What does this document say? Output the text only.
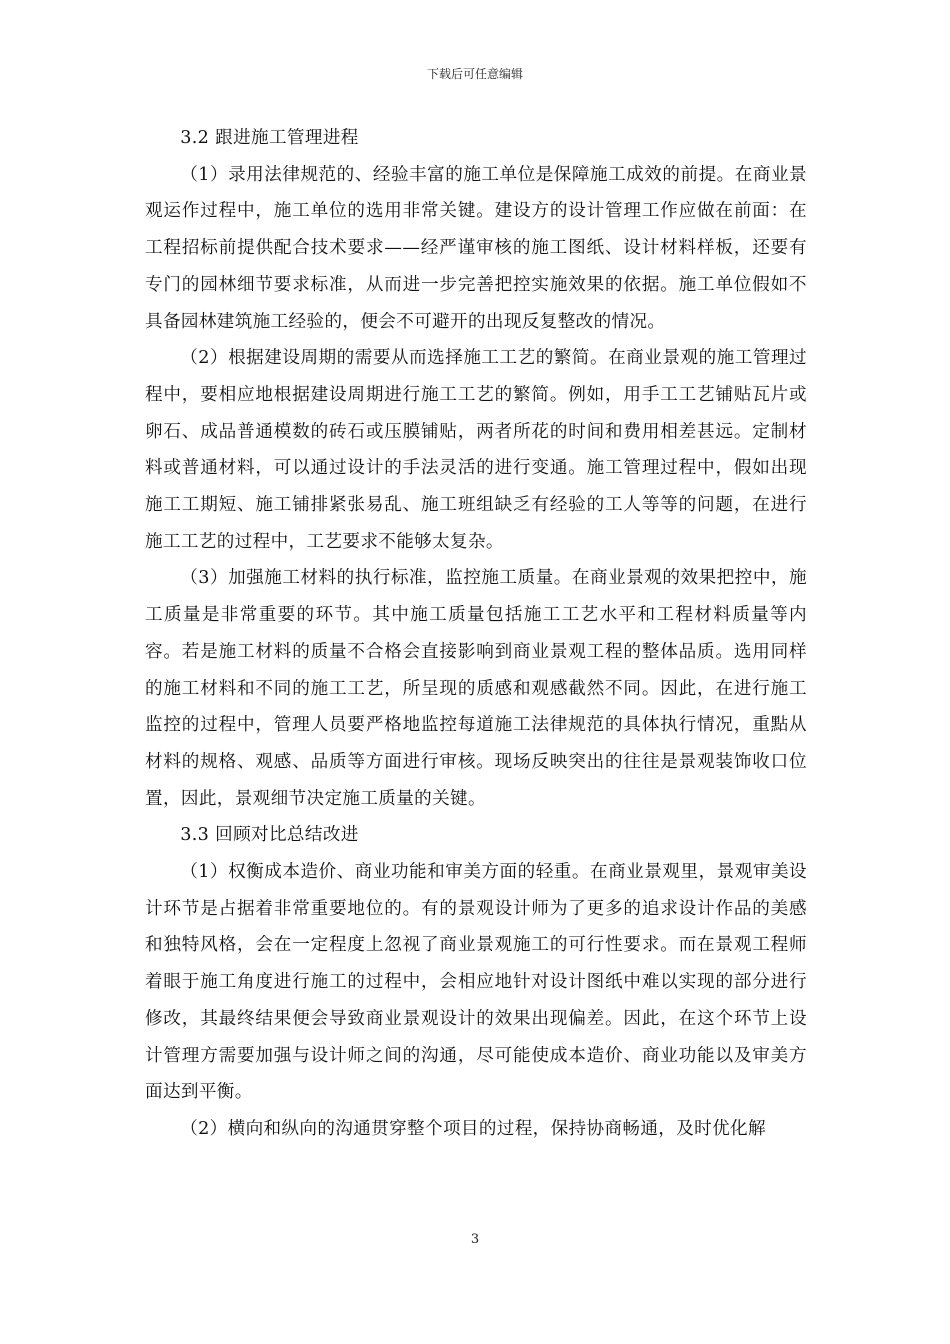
下载后可任意编辑

3.2 跟进施工管理进程

（1）录用法律规范的、经验丰富的施工单位是保障施工成效的前提。在商业景观运作过程中，施工单位的选用非常关键。建设方的设计管理工作应做在前面：在工程招标前提供配合技术要求——经严谨审核的施工图纸、设计材料样板，还要有专门的园林细节要求标准，从而进一步完善把控实施效果的依据。施工单位假如不具备园林建筑施工经验的，便会不可避开的出现反复整改的情况。

（2）根据建设周期的需要从而选择施工工艺的繁简。在商业景观的施工管理过程中，要相应地根据建设周期进行施工工艺的繁简。例如，用手工工艺铺贴瓦片或卵石、成品普通模数的砖石或压膜铺贴，两者所花的时间和费用相差甚远。定制材料或普通材料，可以通过设计的手法灵活的进行变通。施工管理过程中，假如出现施工工期短、施工铺排紧张易乱、施工班组缺乏有经验的工人等等的问题，在进行施工工艺的过程中，工艺要求不能够太复杂。

（3）加强施工材料的执行标准，监控施工质量。在商业景观的效果把控中，施工质量是非常重要的环节。其中施工质量包括施工工艺水平和工程材料质量等内容。若是施工材料的质量不合格会直接影响到商业景观工程的整体品质。选用同样的施工材料和不同的施工工艺，所呈现的质感和观感截然不同。因此，在进行施工监控的过程中，管理人员要严格地监控每道施工法律规范的具体执行情况，重點从材料的规格、观感、品质等方面进行审核。现场反映突出的往往是景观装饰收口位置，因此，景观细节决定施工质量的关键。

3.3 回顾对比总结改进

（1）权衡成本造价、商业功能和审美方面的轻重。在商业景观里，景观审美设计环节是占据着非常重要地位的。有的景观设计师为了更多的追求设计作品的美感和独特风格，会在一定程度上忽视了商业景观施工的可行性要求。而在景观工程师着眼于施工角度进行施工的过程中，会相应地针对设计图纸中难以实现的部分进行修改，其最终结果便会导致商业景观设计的效果出现偏差。因此，在这个环节上设计管理方需要加强与设计师之间的沟通，尽可能使成本造价、商业功能以及审美方面达到平衡。

（2）横向和纵向的沟通贯穿整个项目的过程，保持协商畅通，及时优化解

3
